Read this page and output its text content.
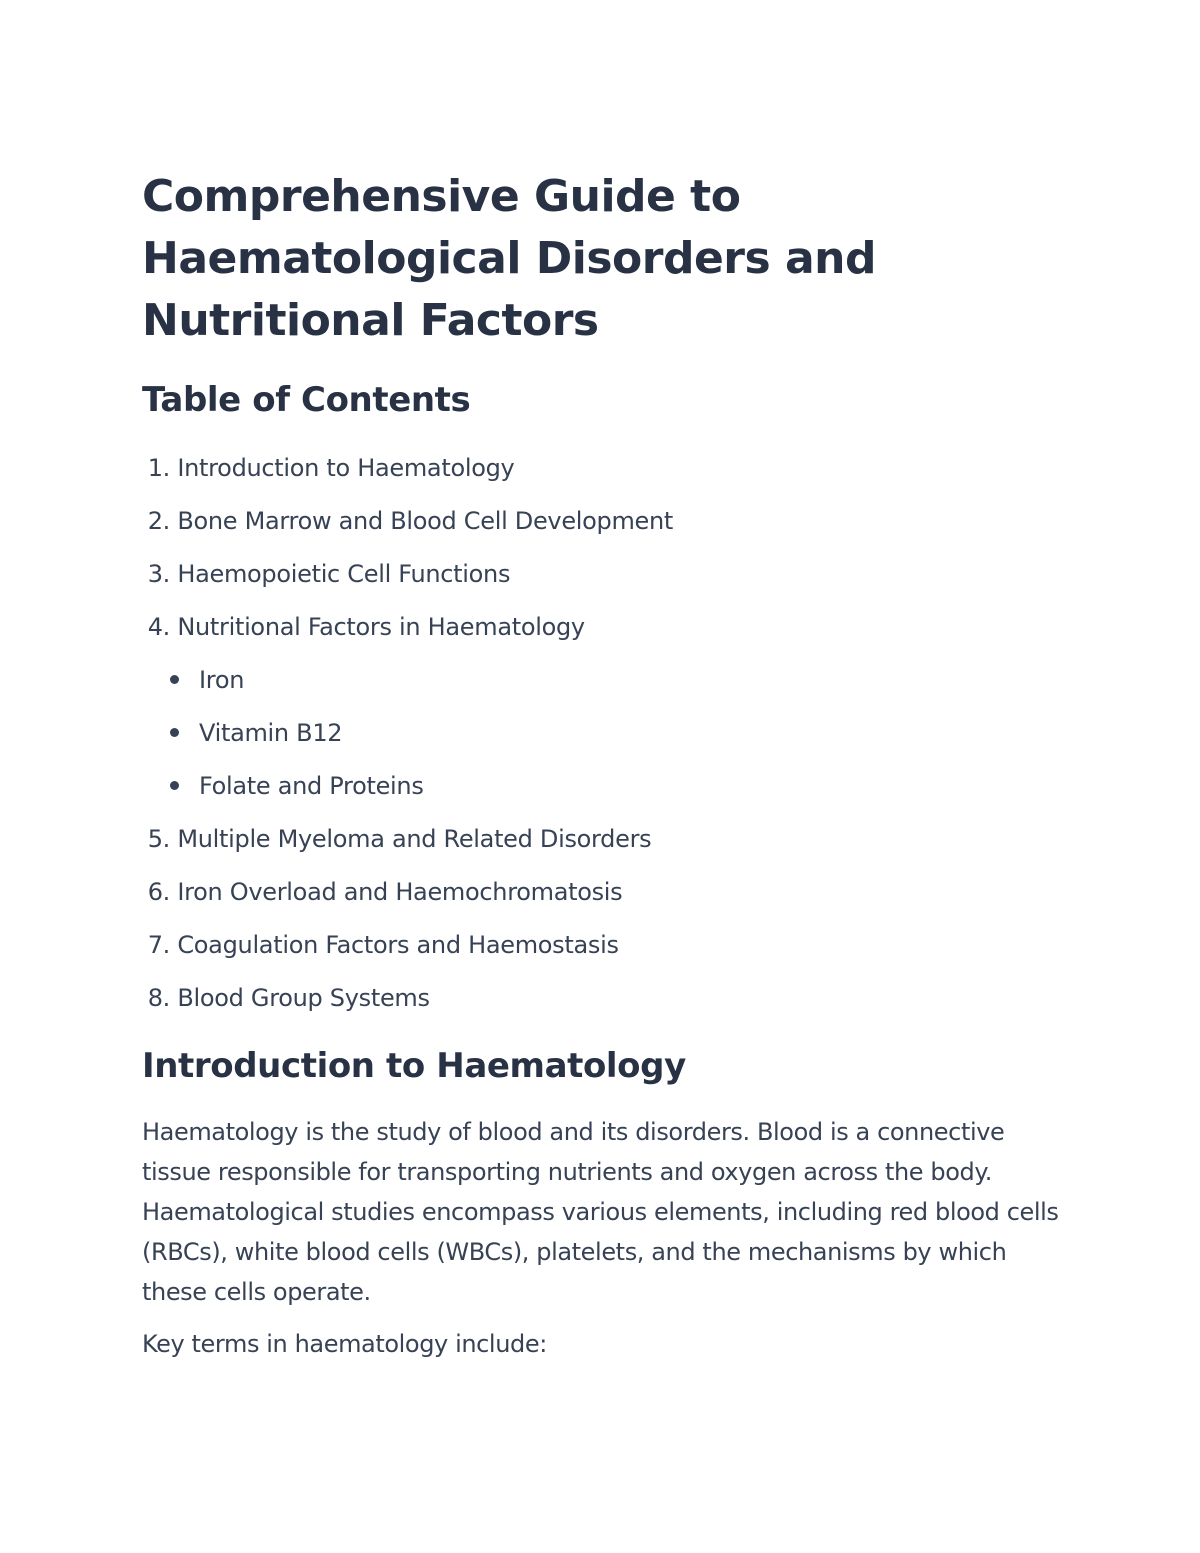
Comprehensive Guide to Haematological Disorders and Nutritional Factors
Table of Contents
1. Introduction to Haematology
2. Bone Marrow and Blood Cell Development
3. Haemopoietic Cell Functions
4. Nutritional Factors in Haematology
Iron
Vitamin B12
Folate and Proteins
5. Multiple Myeloma and Related Disorders
6. Iron Overload and Haemochromatosis
7. Coagulation Factors and Haemostasis
8. Blood Group Systems
Introduction to Haematology

Haematology is the study of blood and its disorders. Blood is a connective tissue responsible for transporting nutrients and oxygen across the body. Haematological studies encompass various elements, including red blood cells (RBCs), white blood cells (WBCs), platelets, and the mechanisms by which these cells operate.

Key terms in haematology include:
